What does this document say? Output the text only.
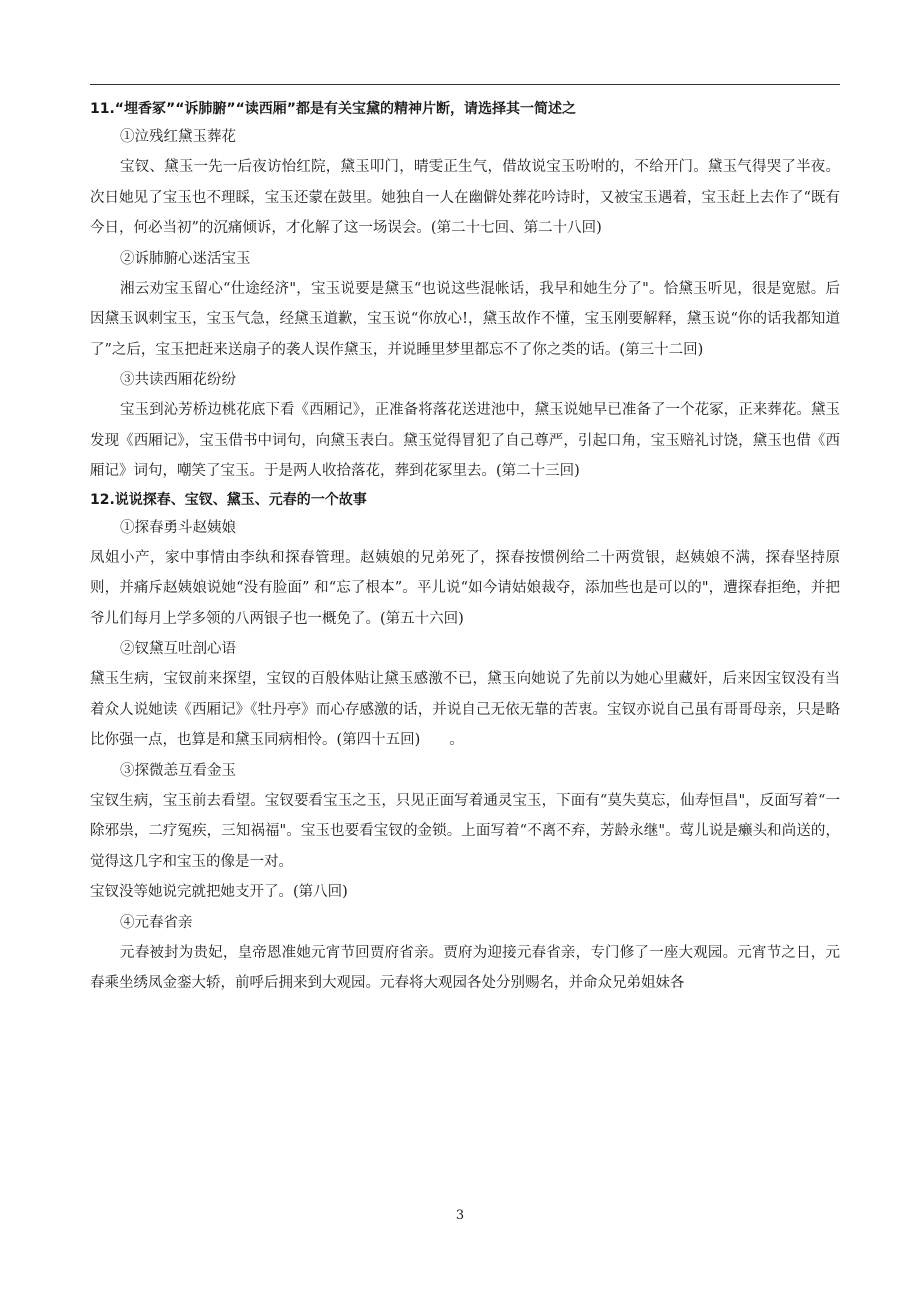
11.“埋香冢”“诉肺腑”“读西厢”都是有关宝黛的精神片断，请选择其一简述之

①泣残红黛玉葬花

宝钗、黛玉一先一后夜访怡红院，黛玉叩门，晴雯正生气，借故说宝玉吩咐的，不给开门。黛玉气得哭了半夜。次日她见了宝玉也不理睬，宝玉还蒙在鼓里。她独自一人在幽僻处葬花吟诗时，又被宝玉遇着，宝玉赶上去作了“既有今日，何必当初”的沉痛倾诉，才化解了这一场误会。(第二十七回、第二十八回)

②诉肺腑心迷活宝玉

湘云劝宝玉留心“仕途经济"，宝玉说要是黛玉“也说这些混帐话，我早和她生分了"。恰黛玉听见，很是宽慰。后因黛玉讽刺宝玉，宝玉气急，经黛玉道歉，宝玉说“你放心!，黛玉故作不懂，宝玉刚要解释，黛玉说“你的话我都知道了”之后，宝玉把赶来送扇子的袭人误作黛玉，并说睡里梦里都忘不了你之类的话。(第三十二回)

③共读西厢花纷纷

宝玉到沁芳桥边桃花底下看《西厢记》，正准备将落花送进池中，黛玉说她早已准备了一个花冢，正来葬花。黛玉发现《西厢记》，宝玉借书中词句，向黛玉表白。黛玉觉得冒犯了自己尊严，引起口角，宝玉赔礼讨饶，黛玉也借《西厢记》词句，嘲笑了宝玉。于是两人收拾落花，葬到花冢里去。(第二十三回)

12.说说探春、宝钗、黛玉、元春的一个故事

①探春勇斗赵姨娘

凤姐小产，家中事情由李纨和探春管理。赵姨娘的兄弟死了，探春按惯例给二十两赏银，赵姨娘不满，探春坚持原则，并痛斥赵姨娘说她“没有脸面” 和“忘了根本”。平儿说“如今请姑娘裁夺，添加些也是可以的"，遭探春拒绝，并把爷儿们每月上学多领的八两银子也一概免了。(第五十六回)

②钗黛互吐剖心语

黛玉生病，宝钗前来探望，宝钗的百般体贴让黛玉感激不已，黛玉向她说了先前以为她心里藏奸，后来因宝钗没有当着众人说她读《西厢记》《牡丹亭》而心存感激的话，并说自己无依无靠的苦衷。宝钗亦说自己虽有哥哥母亲，只是略比你强一点，也算是和黛玉同病相怜。(第四十五回)　　。

③探微恙互看金玉

宝钗生病，宝玉前去看望。宝钗要看宝玉之玉，只见正面写着通灵宝玉，下面有“莫失莫忘，仙寿恒昌"，反面写着“一除邪祟，二疗冤疾，三知祸福"。宝玉也要看宝钗的金锁。上面写着“不离不弃，芳龄永继"。莺儿说是癞头和尚送的，觉得这几字和宝玉的像是一对。

宝钗没等她说完就把她支开了。(第八回)

④元春省亲

元春被封为贵妃，皇帝恩准她元宵节回贾府省亲。贾府为迎接元春省亲，专门修了一座大观园。元宵节之日，元春乘坐绣凤金銮大轿，前呼后拥来到大观园。元春将大观园各处分别赐名，并命众兄弟姐妹各

3
